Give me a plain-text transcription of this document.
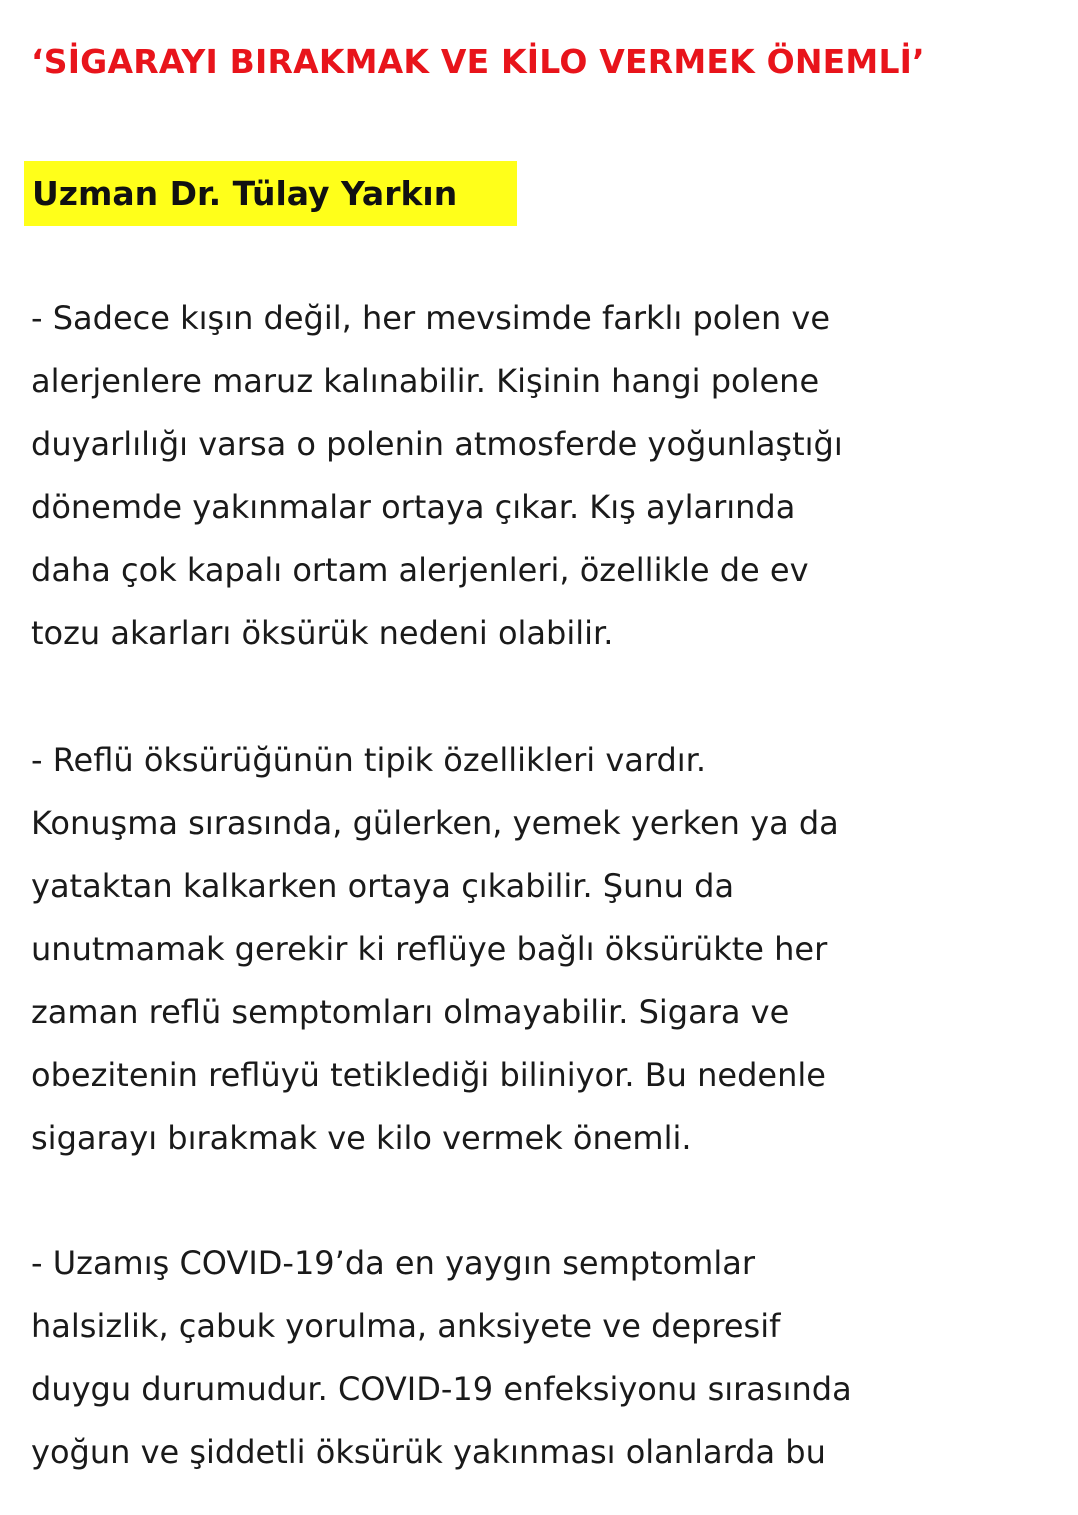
‘SİGARAYI BIRAKMAK VE KİLO VERMEK ÖNEMLİ’

Uzman Dr. Tülay Yarkın

- Sadece kışın değil, her mevsimde farklı polen ve
alerjenlere maruz kalınabilir. Kişinin hangi polene
duyarlılığı varsa o polenin atmosferde yoğunlaştığı
dönemde yakınmalar ortaya çıkar. Kış aylarında
daha çok kapalı ortam alerjenleri, özellikle de ev
tozu akarları öksürük nedeni olabilir.

- Reflü öksürüğünün tipik özellikleri vardır.
Konuşma sırasında, gülerken, yemek yerken ya da
yataktan kalkarken ortaya çıkabilir. Şunu da
unutmamak gerekir ki reflüye bağlı öksürükte her
zaman reflü semptomları olmayabilir. Sigara ve
obezitenin reflüyü tetiklediği biliniyor. Bu nedenle
sigarayı bırakmak ve kilo vermek önemli.

- Uzamış COVID-19’da en yaygın semptomlar
halsizlik, çabuk yorulma, anksiyete ve depresif
duygu durumudur. COVID-19 enfeksiyonu sırasında
yoğun ve şiddetli öksürük yakınması olanlarda bu
